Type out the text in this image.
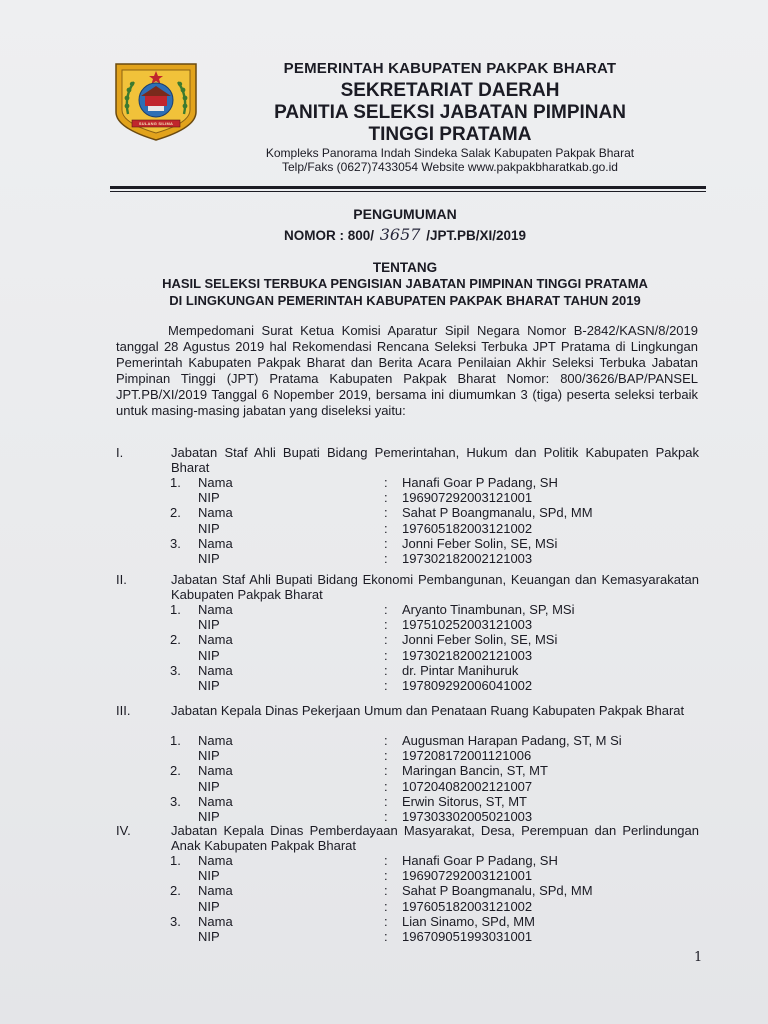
SULANG SILIMA
PEMERINTAH KABUPATEN PAKPAK BHARAT
SEKRETARIAT DAERAH
PANITIA SELEKSI JABATAN PIMPINAN
TINGGI PRATAMA
Kompleks Panorama Indah Sindeka Salak Kabupaten Pakpak Bharat
Telp/Faks (0627)7433054 Website www.pakpakbharatkab.go.id
PENGUMUMAN
NOMOR : 800/ 3657 /JPT.PB/XI/2019
TENTANG
HASIL SELEKSI TERBUKA PENGISIAN JABATAN PIMPINAN TINGGI PRATAMA
DI LINGKUNGAN PEMERINTAH KABUPATEN PAKPAK BHARAT TAHUN 2019
Mempedomani Surat Ketua Komisi Aparatur Sipil Negara Nomor B-2842/KASN/8/2019 tanggal 28 Agustus 2019 hal Rekomendasi Rencana Seleksi Terbuka JPT Pratama di Lingkungan Pemerintah Kabupaten Pakpak Bharat dan Berita Acara Penilaian Akhir Seleksi Terbuka Jabatan Pimpinan Tinggi (JPT) Pratama Kabupaten Pakpak Bharat Nomor: 800/3626/BAP/PANSEL JPT.PB/XI/2019 Tanggal 6 Nopember 2019, bersama ini diumumkan 3 (tiga) peserta seleksi terbaik untuk masing-masing jabatan yang diseleksi yaitu:
I.	Jabatan Staf Ahli Bupati Bidang Pemerintahan, Hukum dan Politik Kabupaten Pakpak Bharat
1. Nama	: Hanafi Goar P Padang, SH
NIP	: 196907292003121001
2. Nama	: Sahat P Boangmanalu, SPd, MM
NIP	: 197605182003121002
3. Nama	: Jonni Feber Solin, SE, MSi
NIP	: 197302182002121003
II.	Jabatan Staf Ahli Bupati Bidang Ekonomi Pembangunan, Keuangan dan Kemasyarakatan Kabupaten Pakpak Bharat
1. Nama	: Aryanto Tinambunan, SP, MSi
NIP	: 197510252003121003
2. Nama	: Jonni Feber Solin, SE, MSi
NIP	: 197302182002121003
3. Nama	: dr. Pintar Manihuruk
NIP	: 197809292006041002
III.	Jabatan Kepala Dinas Pekerjaan Umum dan Penataan Ruang Kabupaten Pakpak Bharat
1. Nama	: Augusman Harapan Padang, ST, M Si
NIP	: 197208172001121006
2. Nama	: Maringan Bancin, ST, MT
NIP	: 107204082002121007
3. Nama	: Erwin Sitorus, ST, MT
NIP	: 197303302005021003
IV.	Jabatan Kepala Dinas Pemberdayaan Masyarakat, Desa, Perempuan dan Perlindungan Anak Kabupaten Pakpak Bharat
1. Nama	: Hanafi Goar P Padang, SH
NIP	: 196907292003121001
2. Nama	: Sahat P Boangmanalu, SPd, MM
NIP	: 197605182003121002
3. Nama	: Lian Sinamo, SPd, MM
NIP	: 196709051993031001
1
